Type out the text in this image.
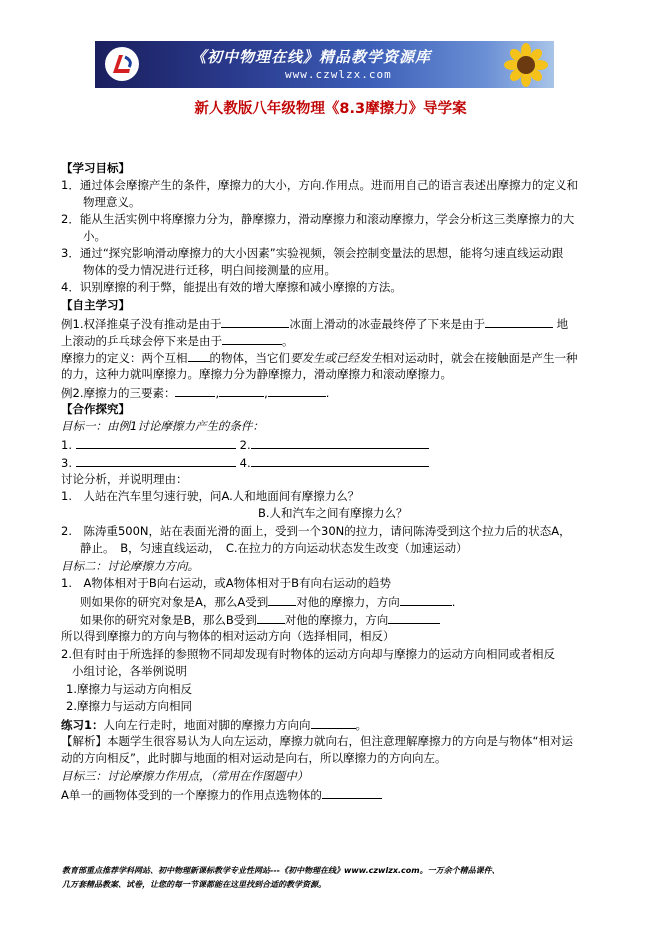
《初中物理在线》精品教学资源库
www.czwlzx.com
新人教版八年级物理《8.3摩擦力》导学案
【学习目标】
1．通过体会摩擦产生的条件，摩擦力的大小，方向.作用点。进而用自己的语言表述出摩擦力的定义和
物理意义。
2．能从生活实例中将摩擦力分为，静摩擦力，滑动摩擦力和滚动摩擦力，学会分析这三类摩擦力的大
小。
3．通过“探究影响滑动摩擦力的大小因素”实验视频，领会控制变量法的思想，能将匀速直线运动跟
物体的受力情况进行迁移，明白间接测量的应用。
4．识别摩擦的利于弊，能提出有效的增大摩擦和减小摩擦的方法。
【自主学习】
例1.权泽推桌子没有推动是由于	冰面上滑动的冰壶最终停了下来是由于	地
上滚动的乒乓球会停下来是由于	。
摩擦力的定义：两个互相 的物体，当它们要发生或已经发生相对运动时，就会在接触面是产生一种
的力，这种力就叫摩擦力。摩擦力分为静摩擦力，滑动摩擦力和滚动摩擦力。
例2.摩擦力的三要素：	,	,	.
【合作探究】
目标一：由例1讨论摩擦力产生的条件：
1.	2.
3.	4.
讨论分析，并说明理由：
1.　人站在汽车里匀速行驶，问A.人和地面间有摩擦力么？
B.人和汽车之间有摩擦力么？
2.　陈涛重500N，站在表面光滑的面上，受到一个30N的拉力，请问陈涛受到这个拉力后的状态A，
静止。　B，匀速直线运动，　C.在拉力的方向运动状态发生改变（加速运动）
目标二：讨论摩擦力方向。
1.　A物体相对于B向右运动，或A物体相对于B有向右运动的趋势
则如果你的研究对象是A，那么A受到 对他的摩擦力，方向	.
如果你的研究对象是B，那么B受到 对他的摩擦力，方向
所以得到摩擦力的方向与物体的相对运动方向（选择相同，相反）
2.但有时由于所选择的参照物不同却发现有时物体的运动方向却与摩擦力的运动方向相同或者相反
小组讨论，各举例说明
1.摩擦力与运动方向相反
2.摩擦力与运动方向相同
练习1：人向左行走时，地面对脚的摩擦力方向向	。
【解析】本题学生很容易认为人向左运动，摩擦力就向右，但注意理解摩擦力的方向是与物体“相对运
动的方向相反”，此时脚与地面的相对运动是向右，所以摩擦力的方向向左。
目标三：讨论摩擦力作用点，（常用在作图题中）
A单一的画物体受到的一个摩擦力的作用点选物体的
教育部重点推荐学科网站、初中物理新课标教学专业性网站---《初中物理在线》www.czwlzx.com。一万余个精品课件、
几万套精品教案、试卷，让您的每一节课都能在这里找到合适的教学资源。
